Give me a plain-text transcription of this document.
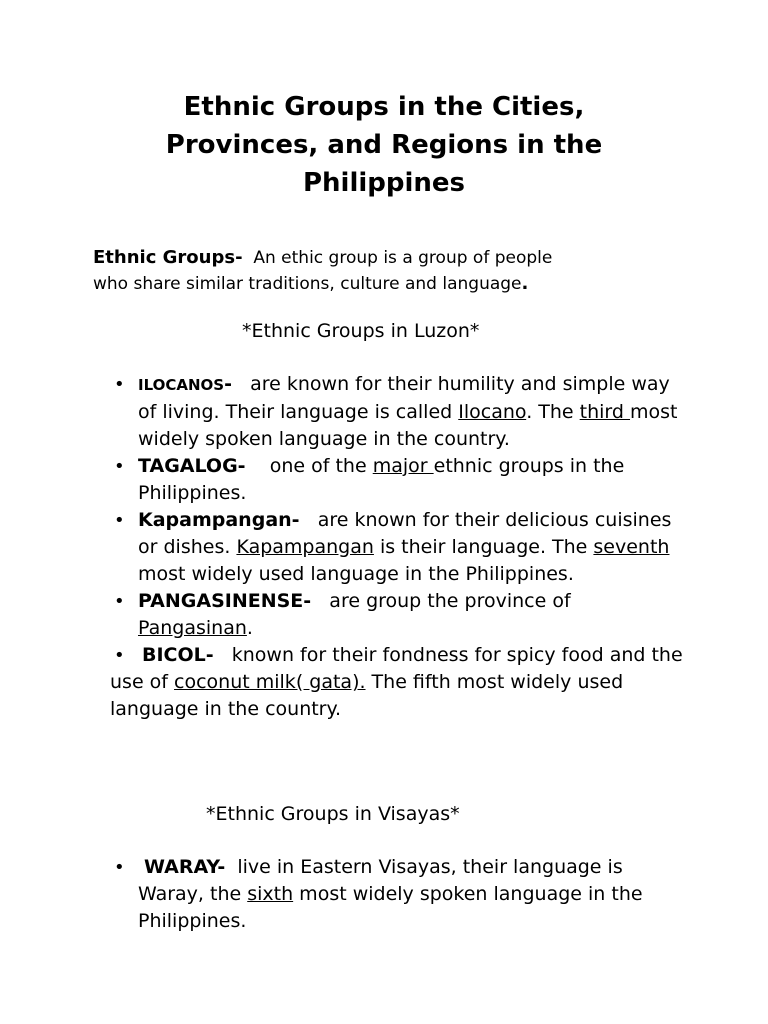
Ethnic Groups in the Cities,
Provinces, and Regions in the
Philippines

Ethnic Groups- An ethic group is a group of people
who share similar traditions, culture and language.

*Ethnic Groups in Luzon*
• ILOCANOS- are known for their humility and simple way of living. Their language is called Ilocano. The third most widely spoken language in the country.
• TAGALOG- one of the major ethnic groups in the Philippines.
• Kapampangan- are known for their delicious cuisines or dishes. Kapampangan is their language. The seventh most widely used language in the Philippines.
• PANGASINENSE- are group the province of Pangasinan.
• BICOL- known for their fondness for spicy food and the use of coconut milk( gata). The fifth most widely used language in the country.
*Ethnic Groups in Visayas*
• WARAY- live in Eastern Visayas, their language is Waray, the sixth most widely spoken language in the Philippines.
